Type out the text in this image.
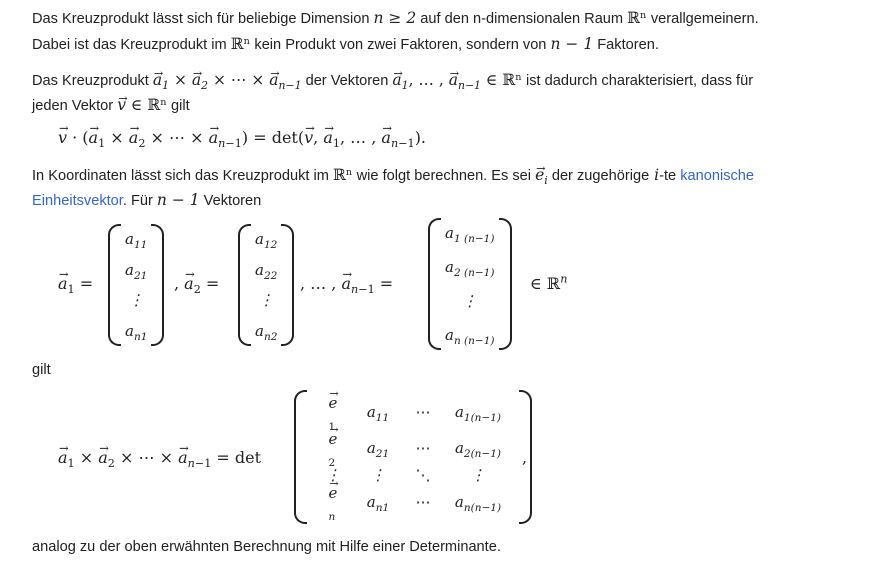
Das Kreuzprodukt lässt sich für beliebige Dimension n ≥ 2 auf den n-dimensionalen Raum ℝⁿ verallgemeinern.
Dabei ist das Kreuzprodukt im ℝⁿ kein Produkt von zwei Faktoren, sondern von n − 1 Faktoren.
Das Kreuzprodukt → $a_1$ × → $a_2$ × ⋯ × → $a_{n-1}$ der Vektoren → $a_1$, … , → $a_{n-1}$ ∈ ℝⁿ ist dadurch charakterisiert, dass für
jeden Vektor → v ∈ ℝⁿ gilt
→ v · (→ $a_1$ × → $a_2$ × ⋯ × → $a_{n-1}) = \det(\to v$, → $a_1$, … , → $a_{n-1}$).
In Koordinaten lässt sich das Kreuzprodukt im ℝⁿ wie folgt berechnen. Es sei → $e_i$ der zugehörige i-te kanonische
Einheitsvektor. Für n − 1 Vektoren
→ $a_1$ =
$a_{11}$
$a_{21}$
⋮
$a_{n1}$
, → $a_2$ =
$a_{12}$
$a_{22}$
⋮
$a_{n2}$
, … , → $a_{n-1}$ =
$a_{1 (n-1)}$
$a_{2 (n-1)}$
⋮
$a_{n (n-1)}$
∈ ℝ$^n$
gilt
→ $a_1$ × → $a_2$ × ⋯ × → $a_{n-1} = \det$
→ e
$_1$
$a_{11}$ ⋯ $a_{1(n-1)}$
→ e
$_2$
$a_{21}$ ⋯ $a_{2(n-1)}$
⋮ ⋮ ⋱	⋮
→ e
$_n$
$a_{n1}$ ⋯ $a_{n(n-1)}$
,
analog zu der oben erwähnten Berechnung mit Hilfe einer Determinante.
